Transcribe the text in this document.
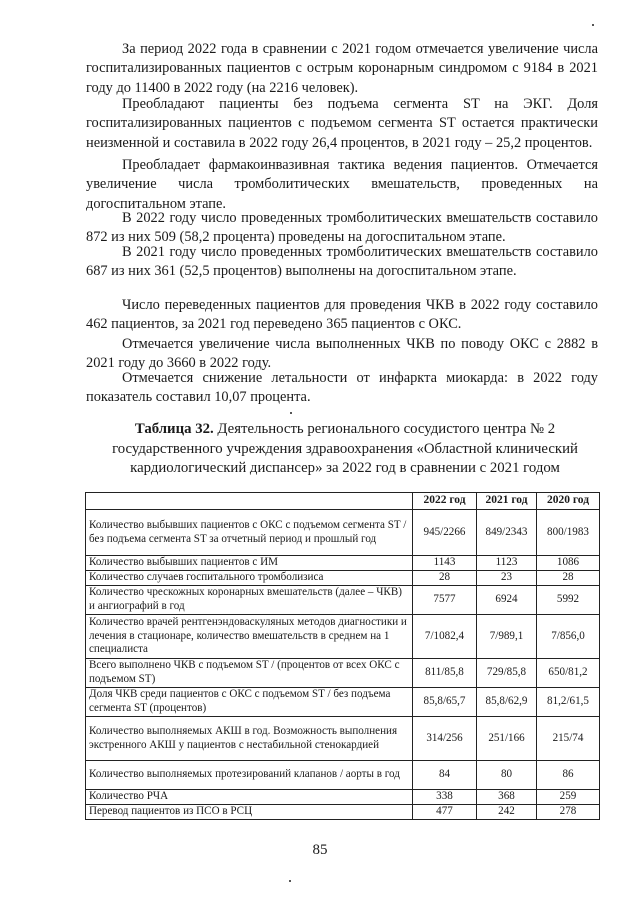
За период 2022 года в сравнении с 2021 годом отмечается увеличение числа госпитализированных пациентов с острым коронарным синдромом с 9184 в 2021 году до 11400 в 2022 году (на 2216 человек).

Преобладают пациенты без подъема сегмента ST на ЭКГ. Доля госпитализированных пациентов с подъемом сегмента ST остается практически неизменной и составила в 2022 году 26,4 процентов, в 2021 году – 25,2 процентов.

Преобладает фармакоинвазивная тактика ведения пациентов. Отмечается увеличение числа тромболитических вмешательств, проведенных на догоспитальном этапе.

В 2022 году число проведенных тромболитических вмешательств составило 872 из них 509 (58,2 процента) проведены на догоспитальном этапе.

В 2021 году число проведенных тромболитических вмешательств составило 687 из них 361 (52,5 процентов) выполнены на догоспитальном этапе.

Число переведенных пациентов для проведения ЧКВ в 2022 году составило 462 пациентов, за 2021 год переведено 365 пациентов с ОКС.

Отмечается увеличение числа выполненных ЧКВ по поводу ОКС с 2882 в 2021 году до 3660 в 2022 году.

Таблица 32. Деятельность регионального сосудистого центра № 2 государственного учреждения здравоохранения «Областной клинический кардиологический диспансер» за 2022 год в сравнении с 2021 годом

	2022 год	2021 год	2020 год
Количество выбывших пациентов с ОКС с подъемом сегмента ST / без подъема сегмента ST за отчетный период и прошлый год	945/2266	849/2343	800/1983
Количество выбывших пациентов с ИМ	1143	1123	1086
Количество случаев госпитального тромболизиса	28	23	28
Количество чрескожных коронарных вмешательств (далее – ЧКВ) и ангиографий в год	7577	6924	5992
Количество врачей рентгенэндоваскуляных методов диагностики и лечения в стационаре, количество вмешательств в среднем на 1 специалиста	7/1082,4	7/989,1	7/856,0
Всего выполнено ЧКВ с подъемом ST / (процентов от всех ОКС с подъемом ST)	811/85,8	729/85,8	650/81,2
Доля ЧКВ среди пациентов с ОКС с подъемом ST / без подъема сегмента ST (процентов)	85,8/65,7	85,8/62,9	81,2/61,5
Количество выполняемых АКШ в год. Возможность выполнения экстренного АКШ у пациентов с нестабильной стенокардией	314/256	251/166	215/74
Количество выполняемых протезирований клапанов / аорты в год	84	80	86
Количество РЧА	338	368	259
Перевод пациентов из ПСО в РСЦ	477	242	278
85

Отмечается снижение летальности от инфаркта миокарда: в 2022 году показатель составил 10,07 процента.
